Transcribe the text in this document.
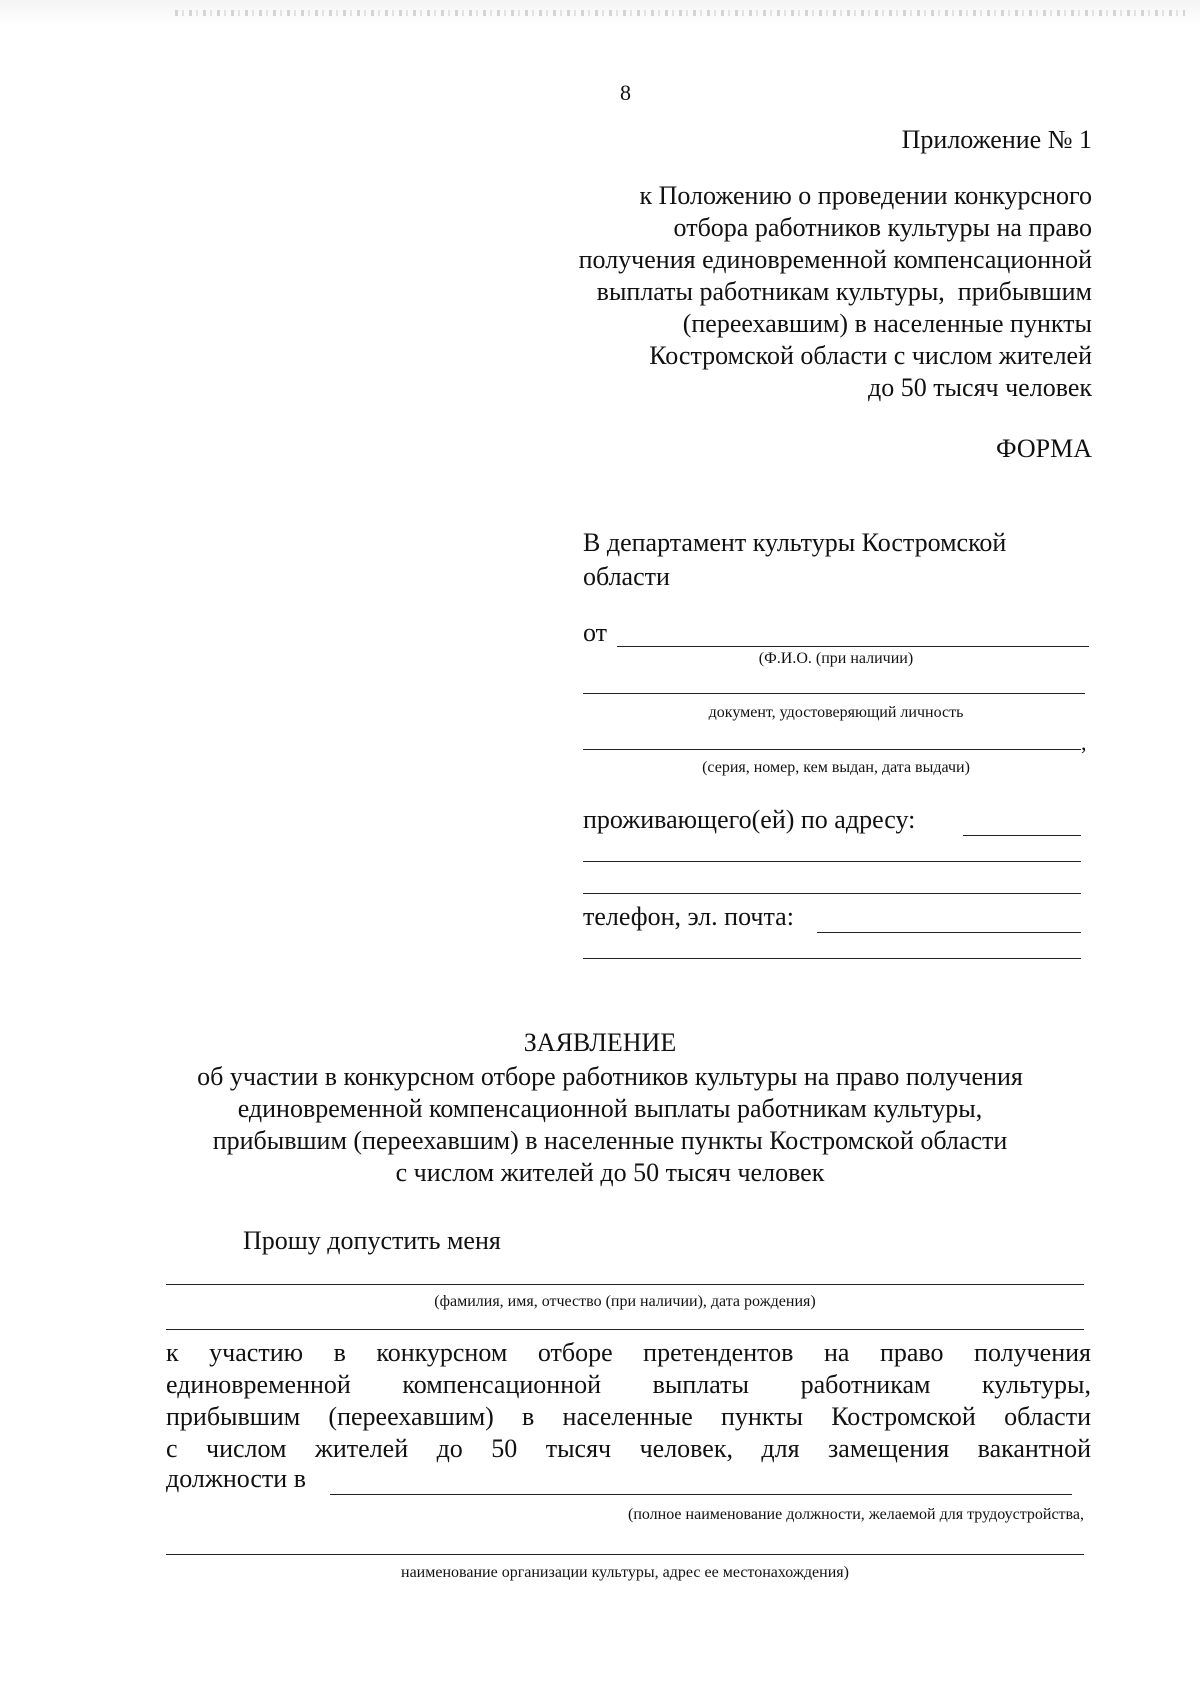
8
Приложение № 1
к Положению о проведении конкурсного
отбора работников культуры на право
получения единовременной компенсационной
выплаты работникам культуры,  прибывшим
(переехавшим) в населенные пункты
Костромской области с числом жителей
до 50 тысяч человек
ФОРМА
В департамент культуры Костромской
области
от
(Ф.И.О. (при наличии)
документ, удостоверяющий личность
,
(серия, номер, кем выдан, дата выдачи)
проживающего(ей) по адресу:
телефон, эл. почта:
ЗАЯВЛЕНИЕ
об участии в конкурсном отборе работников культуры на право получения
единовременной компенсационной выплаты работникам культуры,
прибывшим (переехавшим) в населенные пункты Костромской области
с числом жителей до 50 тысяч человек
Прошу допустить меня
(фамилия, имя, отчество (при наличии), дата рождения)
к участию в конкурсном отборе претендентов на право получения
единовременной компенсационной выплаты работникам культуры,
прибывшим (переехавшим) в населенные пункты Костромской области
с числом жителей до 50 тысяч человек, для замещения вакантной
должности в
(полное наименование должности, желаемой для трудоустройства,
наименование организации культуры, адрес ее местонахождения)
